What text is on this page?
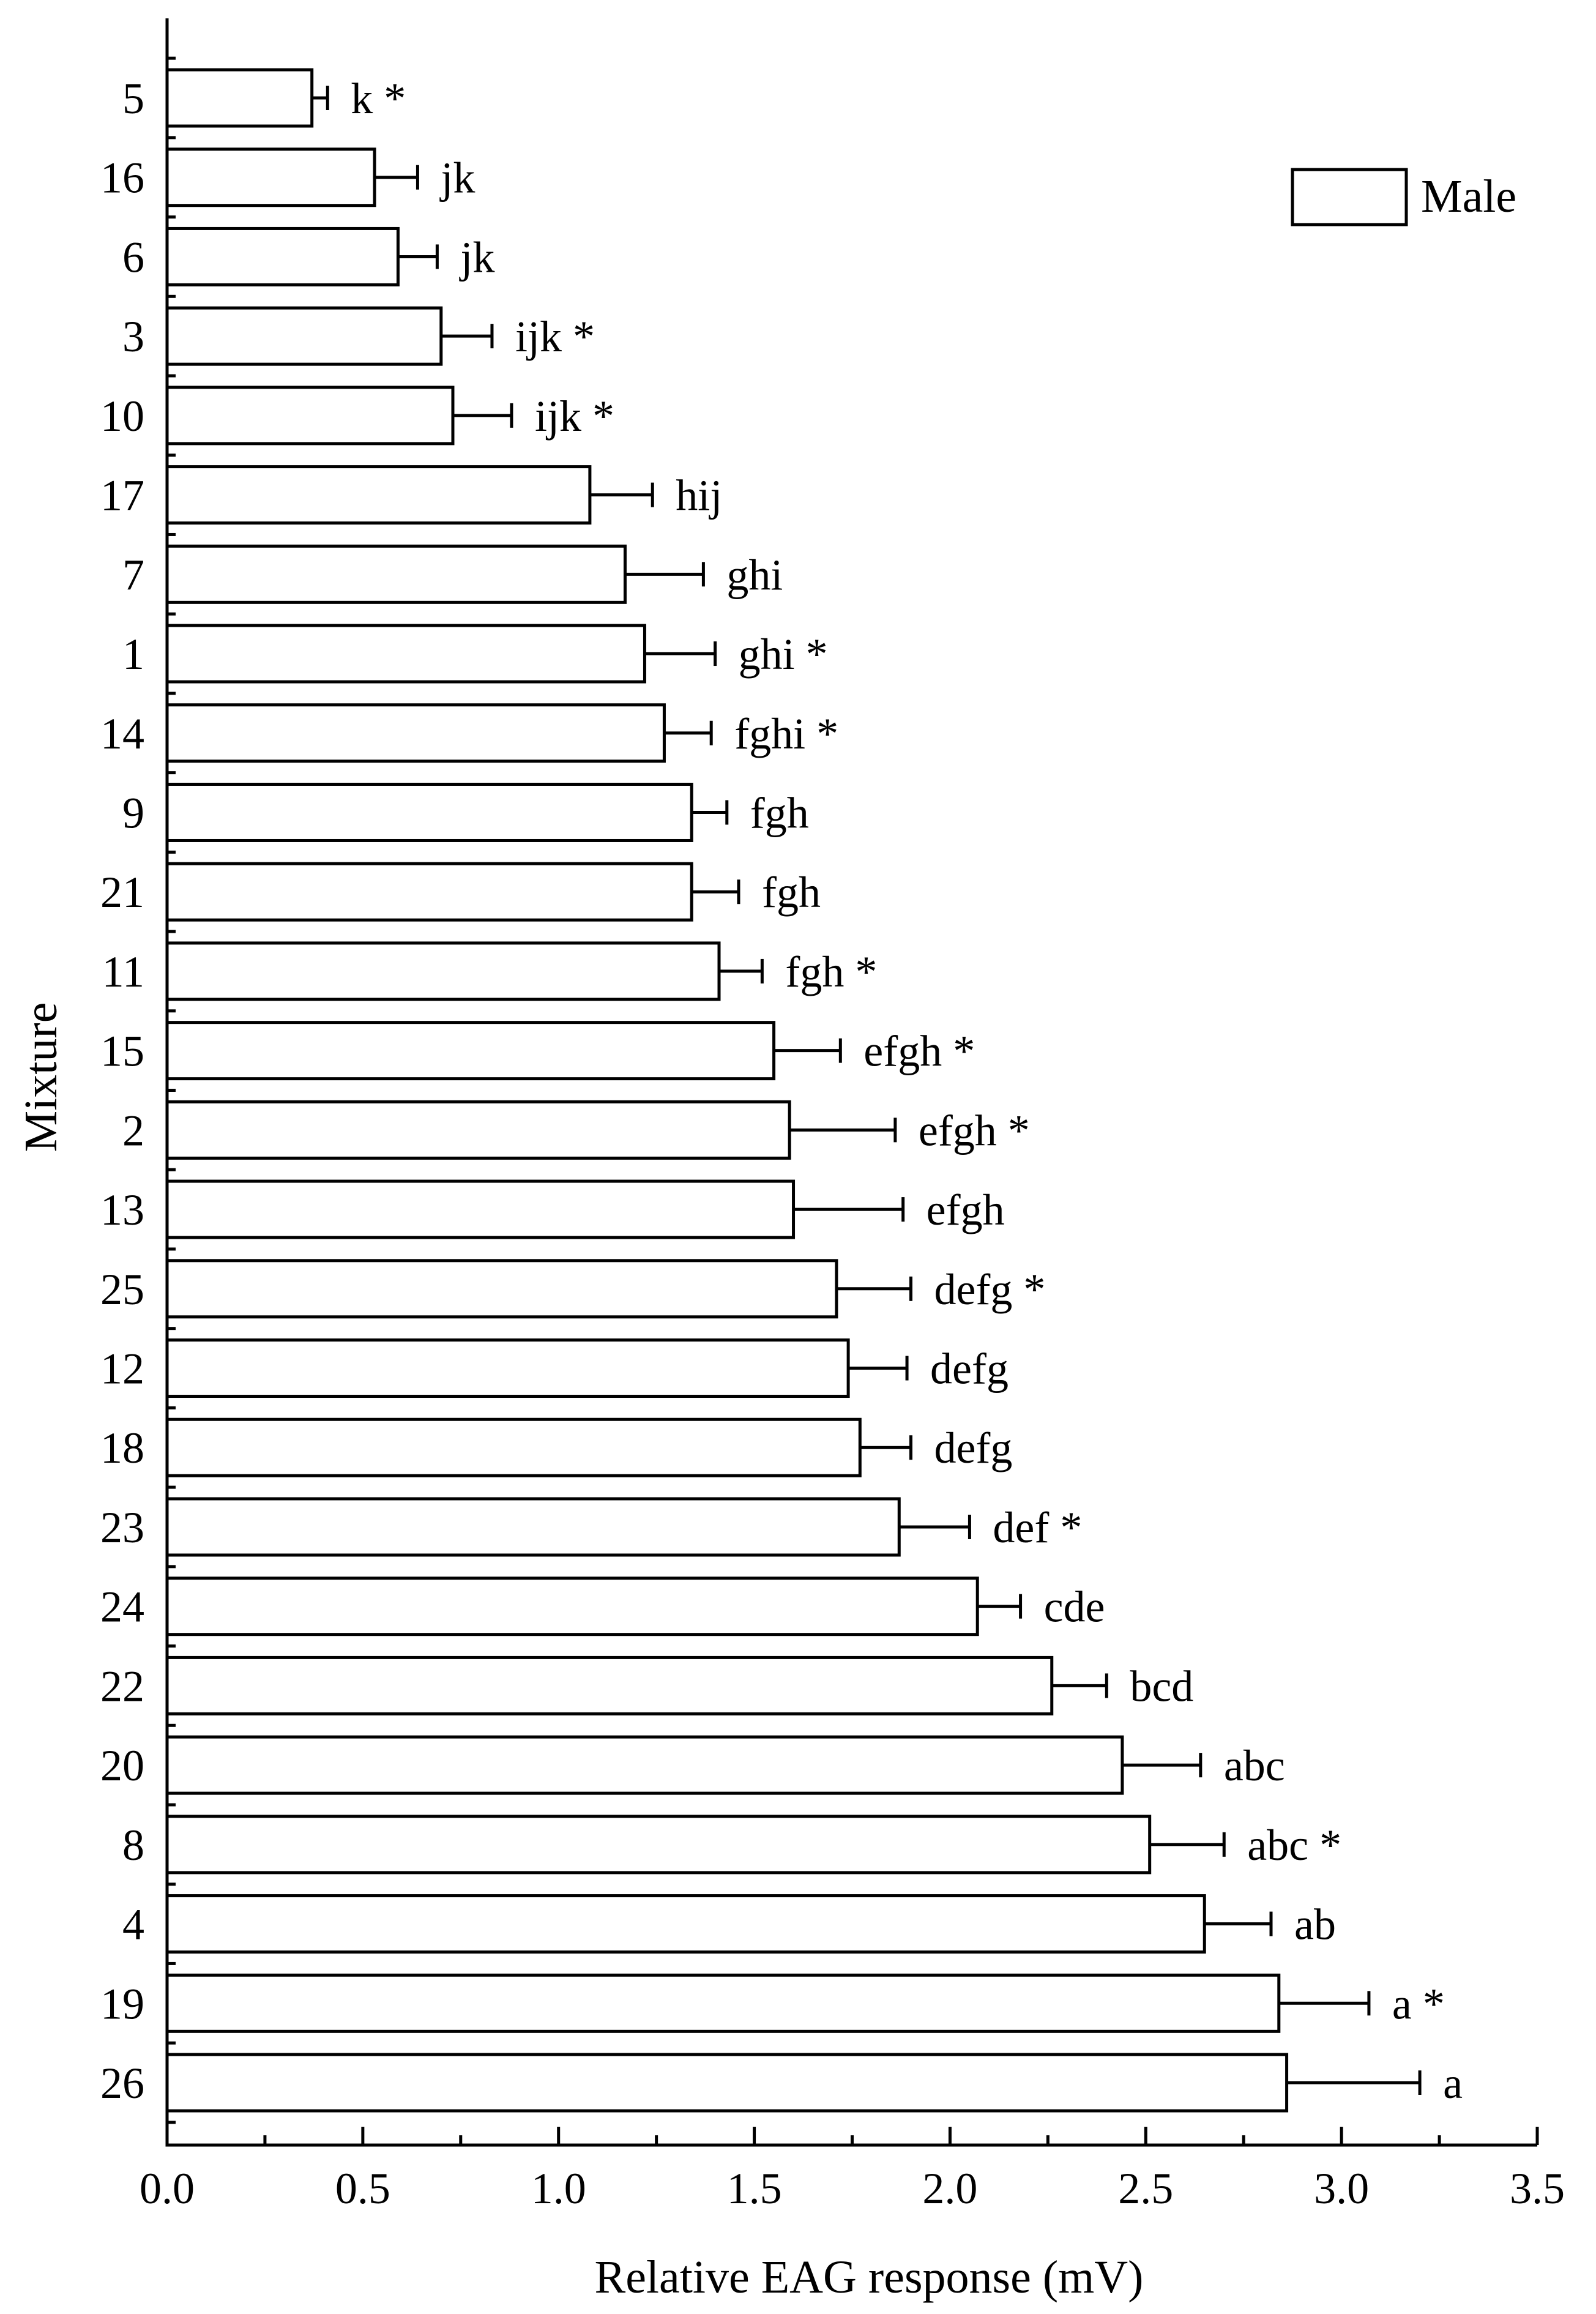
k *
5
jk
16
jk
6
ijk *
3
ijk *
10
hij
17
ghi
7
ghi *
1
fghi *
14
fgh
9
fgh
21
fgh *
11
efgh *
15
efgh *
2
efgh
13
defg *
25
defg
12
defg
18
def *
23
cde
24
bcd
22
abc
20
abc *
8
ab
4
a *
19
a
26
0.0	0.5	1.0	1.5	2.0	2.5	3.0	3.5
Relative EAG response (mV)
Mixture
Male
